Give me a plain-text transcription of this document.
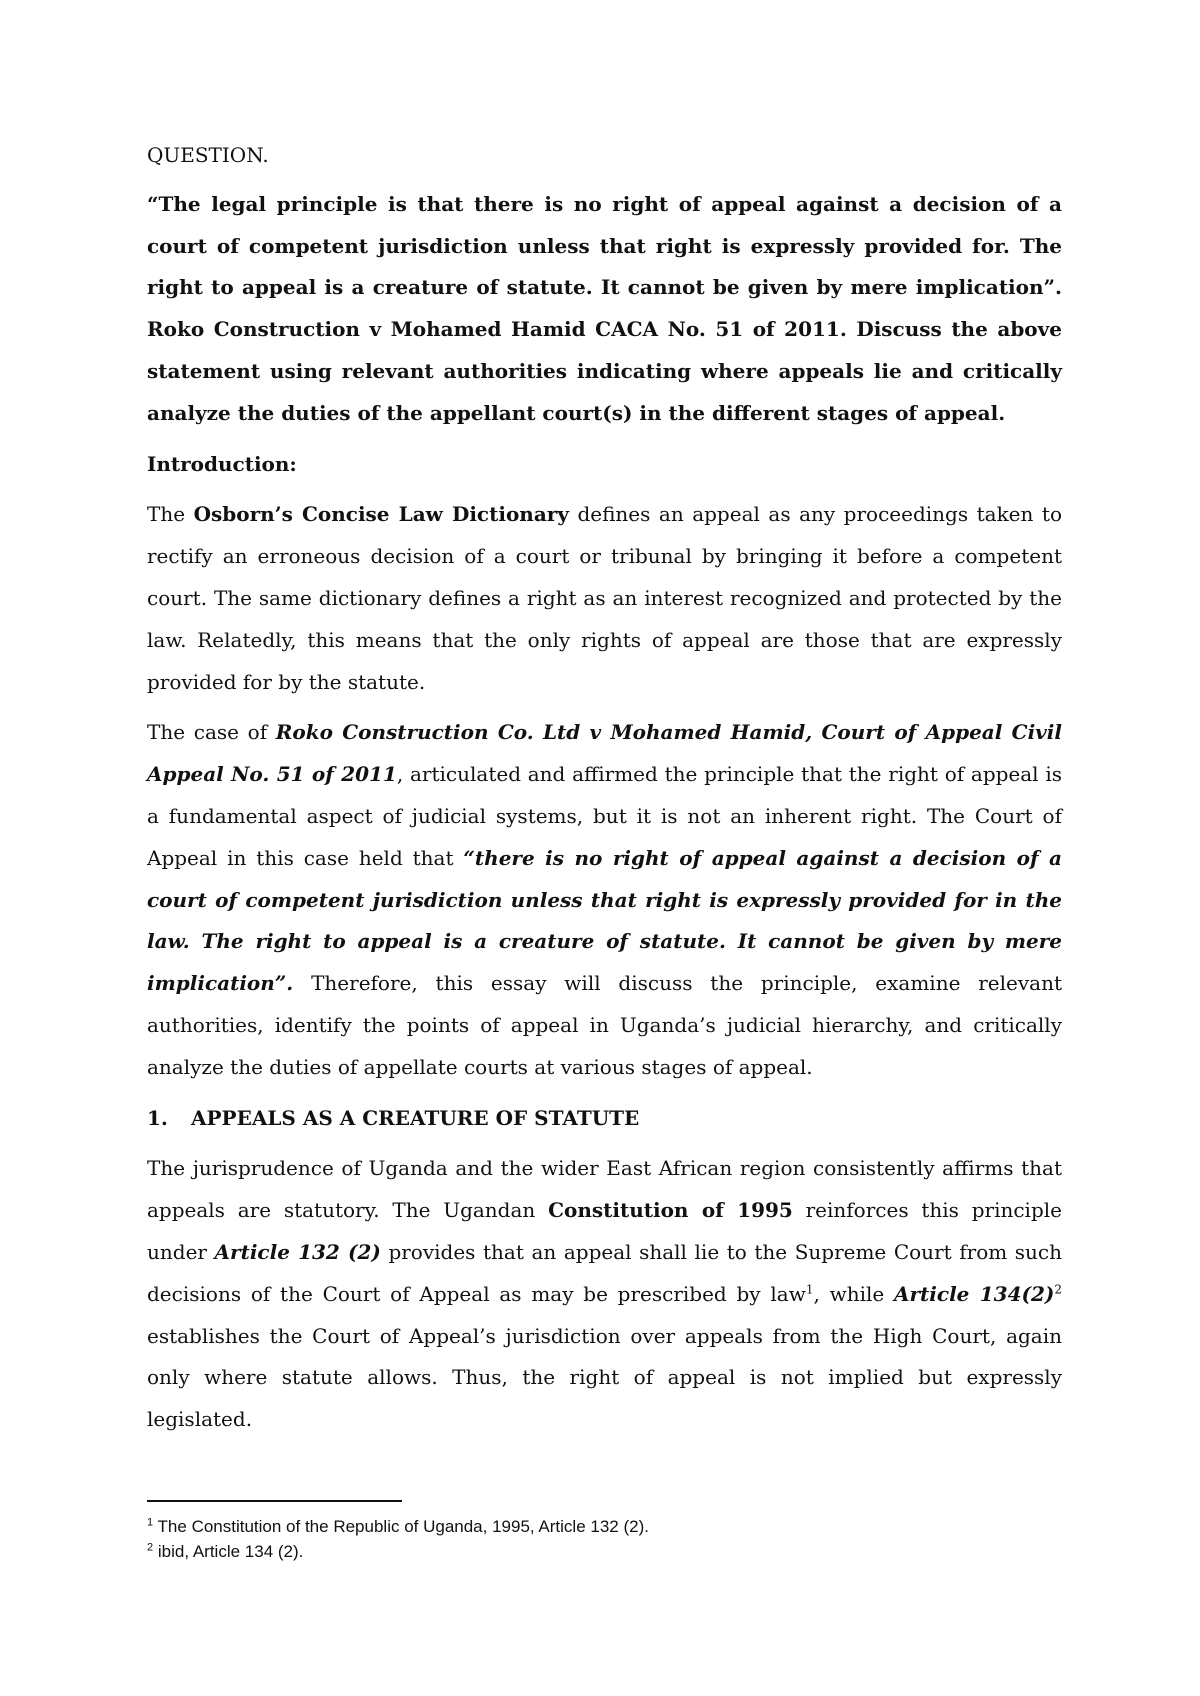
QUESTION.

“The legal principle is that there is no right of appeal against a decision of a court of competent jurisdiction unless that right is expressly provided for. The right to appeal is a creature of statute. It cannot be given by mere implication”. Roko Construction v Mohamed Hamid CACA No. 51 of 2011. Discuss the above statement using relevant authorities indicating where appeals lie and critically analyze the duties of the appellant court(s) in the different stages of appeal.

Introduction:

The Osborn’s Concise Law Dictionary defines an appeal as any proceedings taken to rectify an erroneous decision of a court or tribunal by bringing it before a competent court. The same dictionary defines a right as an interest recognized and protected by the law. Relatedly, this means that the only rights of appeal are those that are expressly provided for by the statute.

The case of Roko Construction Co. Ltd v Mohamed Hamid, Court of Appeal Civil Appeal No. 51 of 2011, articulated and affirmed the principle that the right of appeal is a fundamental aspect of judicial systems, but it is not an inherent right. The Court of Appeal in this case held that “there is no right of appeal against a decision of a court of competent jurisdiction unless that right is expressly provided for in the law. The right to appeal is a creature of statute. It cannot be given by mere implication”. Therefore, this essay will discuss the principle, examine relevant authorities, identify the points of appeal in Uganda’s judicial hierarchy, and critically analyze the duties of appellate courts at various stages of appeal.

1. APPEALS AS A CREATURE OF STATUTE

The jurisprudence of Uganda and the wider East African region consistently affirms that appeals are statutory. The Ugandan Constitution of 1995 reinforces this principle under Article 132 (2) provides that an appeal shall lie to the Supreme Court from such decisions of the Court of Appeal as may be prescribed by law$^1$, while Article $134(2)^2$ establishes the Court of Appeal’s jurisdiction over appeals from the High Court, again only where statute allows. Thus, the right of appeal is not implied but expressly legislated.

$^1$ The Constitution of the Republic of Uganda, 1995, Article 132 (2).
$^2$ ibid, Article 134 (2).
